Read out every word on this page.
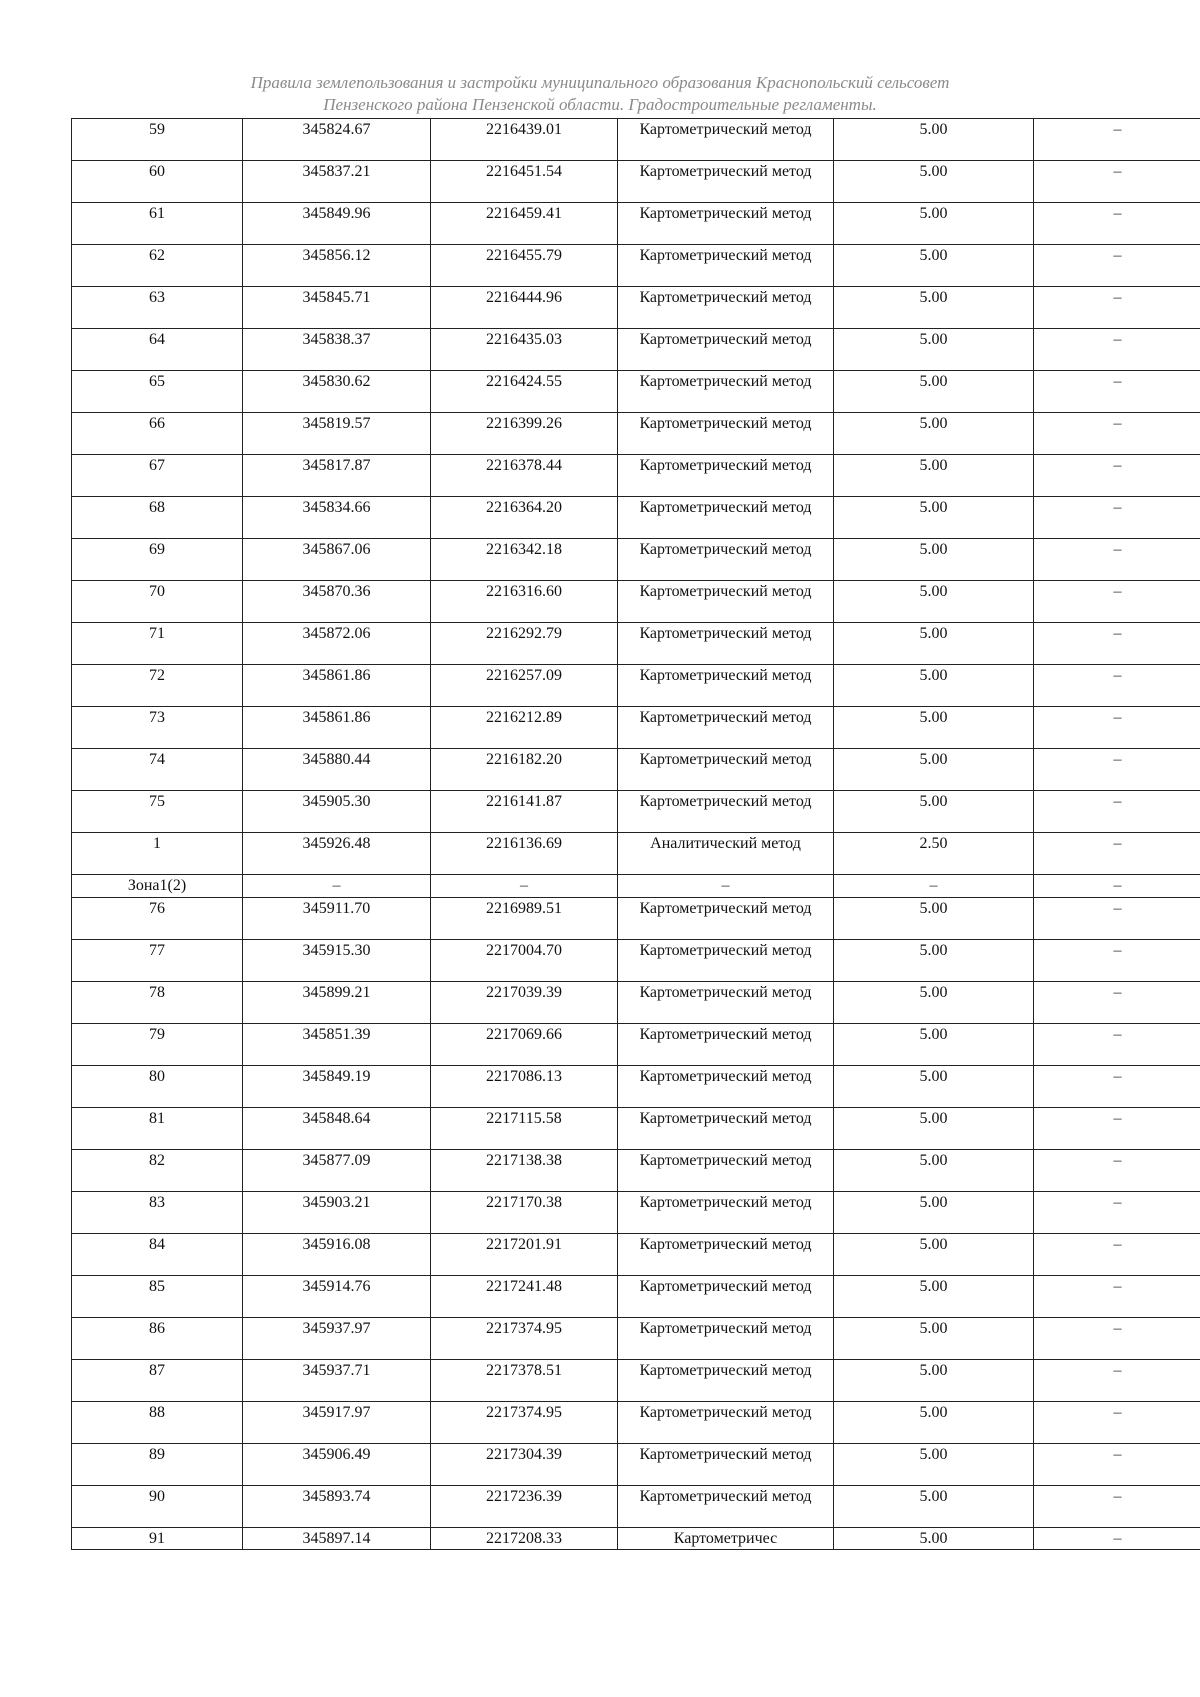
Правила землепользования и застройки муниципального образования Краснопольский сельсовет
Пензенского района Пензенской области. Градостроительные регламенты.
59	345824.67	2216439.01	Картометрический метод	5.00	–
60	345837.21	2216451.54	Картометрический метод	5.00	–
61	345849.96	2216459.41	Картометрический метод	5.00	–
62	345856.12	2216455.79	Картометрический метод	5.00	–
63	345845.71	2216444.96	Картометрический метод	5.00	–
64	345838.37	2216435.03	Картометрический метод	5.00	–
65	345830.62	2216424.55	Картометрический метод	5.00	–
66	345819.57	2216399.26	Картометрический метод	5.00	–
67	345817.87	2216378.44	Картометрический метод	5.00	–
68	345834.66	2216364.20	Картометрический метод	5.00	–
69	345867.06	2216342.18	Картометрический метод	5.00	–
70	345870.36	2216316.60	Картометрический метод	5.00	–
71	345872.06	2216292.79	Картометрический метод	5.00	–
72	345861.86	2216257.09	Картометрический метод	5.00	–
73	345861.86	2216212.89	Картометрический метод	5.00	–
74	345880.44	2216182.20	Картометрический метод	5.00	–
75	345905.30	2216141.87	Картометрический метод	5.00	–
1	345926.48	2216136.69	Аналитический метод	2.50	–
Зона1(2)	–	–	–	–	–
76	345911.70	2216989.51	Картометрический метод	5.00	–
77	345915.30	2217004.70	Картометрический метод	5.00	–
78	345899.21	2217039.39	Картометрический метод	5.00	–
79	345851.39	2217069.66	Картометрический метод	5.00	–
80	345849.19	2217086.13	Картометрический метод	5.00	–
81	345848.64	2217115.58	Картометрический метод	5.00	–
82	345877.09	2217138.38	Картометрический метод	5.00	–
83	345903.21	2217170.38	Картометрический метод	5.00	–
84	345916.08	2217201.91	Картометрический метод	5.00	–
85	345914.76	2217241.48	Картометрический метод	5.00	–
86	345937.97	2217374.95	Картометрический метод	5.00	–
87	345937.71	2217378.51	Картометрический метод	5.00	–
88	345917.97	2217374.95	Картометрический метод	5.00	–
89	345906.49	2217304.39	Картометрический метод	5.00	–
90	345893.74	2217236.39	Картометрический метод	5.00	–
91	345897.14	2217208.33	Картометричес	5.00	–
